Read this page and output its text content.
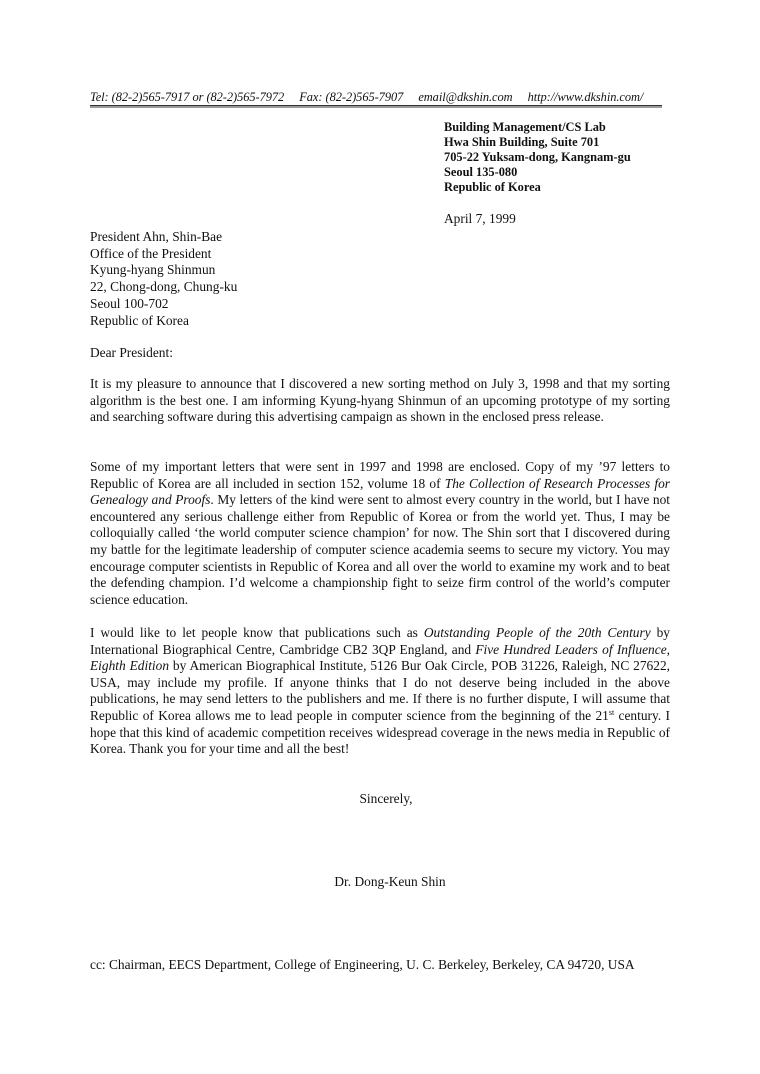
Tel: (82-2)565-7917 or (82-2)565-7972 Fax: (82-2)565-7907 email@dkshin.com http://www.dkshin.com/
Building Management/CS Lab
Hwa Shin Building, Suite 701
705-22 Yuksam-dong, Kangnam-gu
Seoul 135-080
Republic of Korea
April 7, 1999
President Ahn, Shin-Bae
Office of the President
Kyung-hyang Shinmun
22, Chong-dong, Chung-ku
Seoul 100-702
Republic of Korea
Dear President:

It is my pleasure to announce that I discovered a new sorting method on July 3, 1998 and that my sorting algorithm is the best one. I am informing Kyung-hyang Shinmun of an upcoming prototype of my sorting and searching software during this advertising campaign as shown in the enclosed press release.

Some of my important letters that were sent in 1997 and 1998 are enclosed. Copy of my ’97 letters to Republic of Korea are all included in section 152, volume 18 of The Collection of Research Processes for Genealogy and Proofs. My letters of the kind were sent to almost every country in the world, but I have not encountered any serious challenge either from Republic of Korea or from the world yet. Thus, I may be colloquially called ‘the world computer science champion’ for now. The Shin sort that I discovered during my battle for the legitimate leadership of computer science academia seems to secure my victory. You may encourage computer scientists in Republic of Korea and all over the world to examine my work and to beat the defending champion. I’d welcome a championship fight to seize firm control of the world’s computer science education.

I would like to let people know that publications such as Outstanding People of the 20th Century by International Biographical Centre, Cambridge CB2 3QP England, and Five Hundred Leaders of Influence, Eighth Edition by American Biographical Institute, 5126 Bur Oak Circle, POB 31226, Raleigh, NC 27622, USA, may include my profile. If anyone thinks that I do not deserve being included in the above publications, he may send letters to the publishers and me. If there is no further dispute, I will assume that Republic of Korea allows me to lead people in computer science from the beginning of the 21st century. I hope that this kind of academic competition receives widespread coverage in the news media in Republic of Korea. Thank you for your time and all the best!

Sincerely,
Dr. Dong-Keun Shin
cc: Chairman, EECS Department, College of Engineering, U. C. Berkeley, Berkeley, CA 94720, USA
